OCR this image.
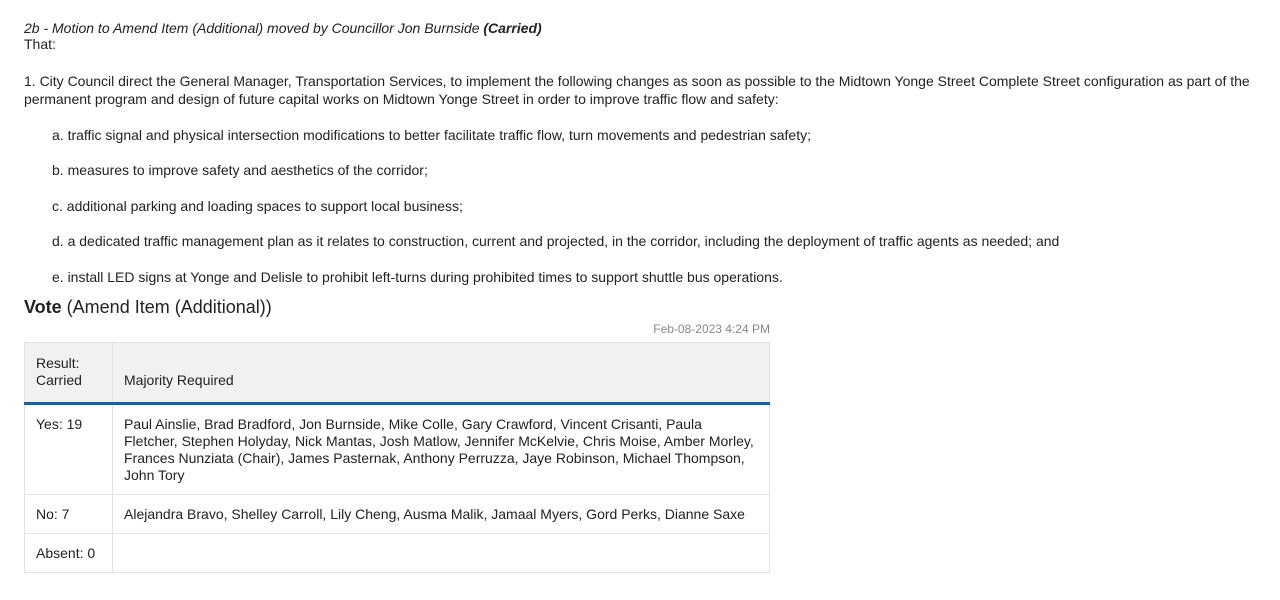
2b - Motion to Amend Item (Additional) moved by Councillor Jon Burnside (Carried)
That:
1. City Council direct the General Manager, Transportation Services, to implement the following changes as soon as possible to the Midtown Yonge Street Complete Street configuration as part of the permanent program and design of future capital works on Midtown Yonge Street in order to improve traffic flow and safety:
a. traffic signal and physical intersection modifications to better facilitate traffic flow, turn movements and pedestrian safety;
b. measures to improve safety and aesthetics of the corridor;
c. additional parking and loading spaces to support local business;
d. a dedicated traffic management plan as it relates to construction, current and projected, in the corridor, including the deployment of traffic agents as needed; and
e. install LED signs at Yonge and Delisle to prohibit left-turns during prohibited times to support shuttle bus operations.
Vote (Amend Item (Additional))
Feb-08-2023 4:24 PM
Result:
Carried	Majority Required
Yes: 19	Paul Ainslie, Brad Bradford, Jon Burnside, Mike Colle, Gary Crawford, Vincent Crisanti, Paula Fletcher, Stephen Holyday, Nick Mantas, Josh Matlow, Jennifer McKelvie, Chris Moise, Amber Morley, Frances Nunziata (Chair), James Pasternak, Anthony Perruzza, Jaye Robinson, Michael Thompson, John Tory
No: 7	Alejandra Bravo, Shelley Carroll, Lily Cheng, Ausma Malik, Jamaal Myers, Gord Perks, Dianne Saxe
Absent: 0	
